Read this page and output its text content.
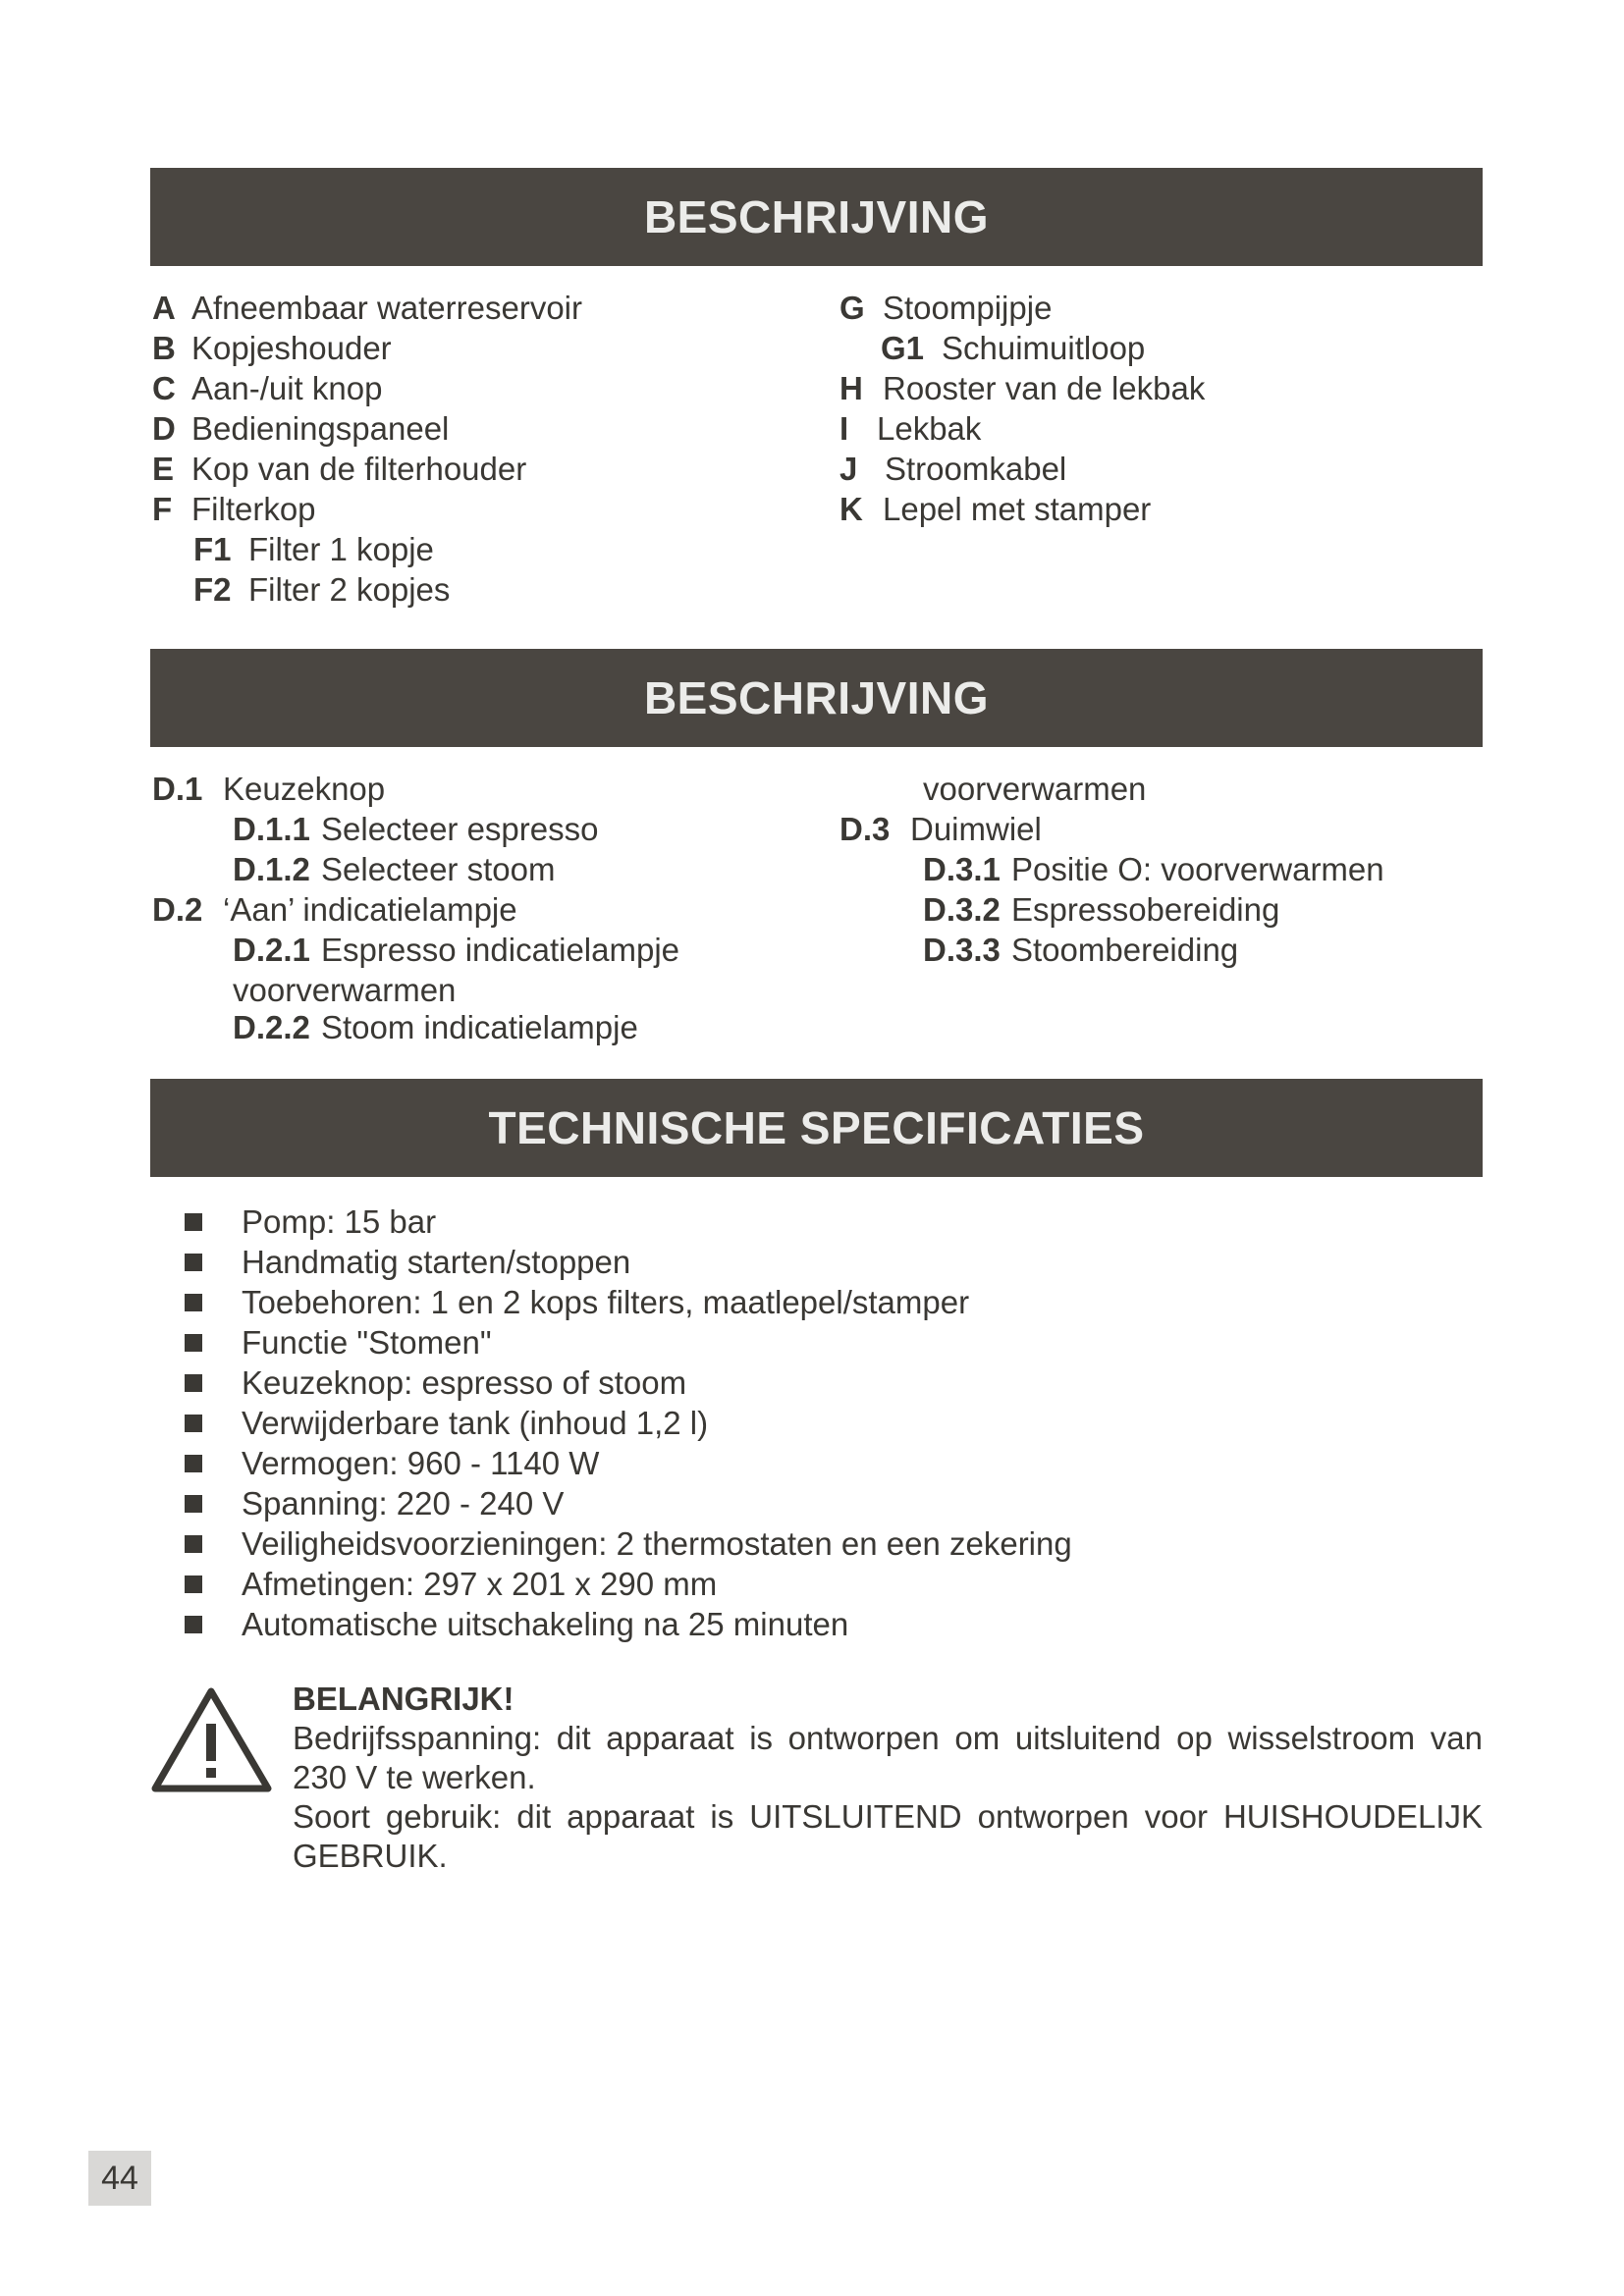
BESCHRIJVING
A Afneembaar waterreservoir
B Kopjeshouder
C Aan-/uit knop
D Bedieningspaneel
E Kop van de filterhouder
F Filterkop
F1 Filter 1 kopje
F2 Filter 2 kopjes
G Stoompijpje
G1 Schuimuitloop
H Rooster van de lekbak
I Lekbak
J Stroomkabel
K Lepel met stamper
BESCHRIJVING
D.1 Keuzeknop
D.1.1 Selecteer espresso
D.1.2 Selecteer stoom
D.2 ‘Aan’ indicatielampje
D.2.1 Espresso indicatielampje
voorverwarmen
D.2.2 Stoom indicatielampje
voorverwarmen
D.3 Duimwiel
D.3.1 Positie O: voorverwarmen
D.3.2 Espressobereiding
D.3.3 Stoombereiding
TECHNISCHE SPECIFICATIES
Pomp: 15 bar
Handmatig starten/stoppen
Toebehoren: 1 en 2 kops filters, maatlepel/stamper
Functie "Stomen"
Keuzeknop: espresso of stoom
Verwijderbare tank (inhoud 1,2 l)
Vermogen: 960 - 1140 W
Spanning: 220 - 240 V
Veiligheidsvoorzieningen: 2 thermostaten en een zekering
Afmetingen: 297 x 201 x 290 mm
Automatische uitschakeling na 25 minuten
BELANGRIJK!

Bedrijfsspanning: dit apparaat is ontworpen om uitsluitend op wisselstroom van 230 V te werken.

Soort gebruik: dit apparaat is UITSLUITEND ontworpen voor HUISHOUDELIJK GEBRUIK.

44
